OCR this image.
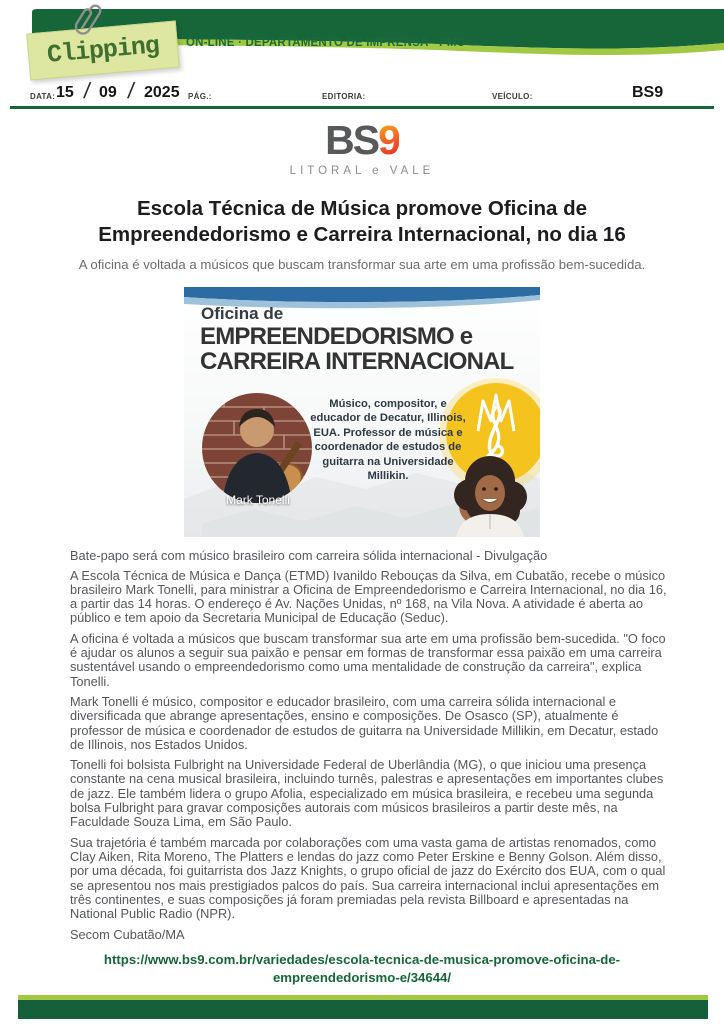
Clipping ON-LINE · DEPARTAMENTO DE IMPRENSA · PMC
DATA: 15 / 09 / 2025 PÁG.:	EDITORIA:	VEÍCULO:	BS9
BS9
LITORAL e VALE
Escola Técnica de Música promove Oficina de Empreendedorismo e Carreira Internacional, no dia 16
A oficina é voltada a músicos que buscam transformar sua arte em uma profissão bem-sucedida.
Oficina de
EMPREENDEDORISMO e
CARREIRA INTERNACIONAL
Mark Tonelli
Músico, compositor, e educador de Decatur, Illinois, EUA. Professor de música e coordenador de estudos de guitarra na Universidade Millikin.
Bate-papo será com músico brasileiro com carreira sólida internacional - Divulgação

A Escola Técnica de Música e Dança (ETMD) Ivanildo Rebouças da Silva, em Cubatão, recebe o músico brasileiro Mark Tonelli, para ministrar a Oficina de Empreendedorismo e Carreira Internacional, no dia 16, a partir das 14 horas. O endereço é Av. Nações Unidas, nº 168, na Vila Nova. A atividade é aberta ao público e tem apoio da Secretaria Municipal de Educação (Seduc).

A oficina é voltada a músicos que buscam transformar sua arte em uma profissão bem-sucedida. "O foco é ajudar os alunos a seguir sua paixão e pensar em formas de transformar essa paixão em uma carreira sustentável usando o empreendedorismo como uma mentalidade de construção da carreira", explica Tonelli.

Mark Tonelli é músico, compositor e educador brasileiro, com uma carreira sólida internacional e diversificada que abrange apresentações, ensino e composições. De Osasco (SP), atualmente é professor de música e coordenador de estudos de guitarra na Universidade Millikin, em Decatur, estado de Illinois, nos Estados Unidos.

Tonelli foi bolsista Fulbright na Universidade Federal de Uberlândia (MG), o que iniciou uma presença constante na cena musical brasileira, incluindo turnês, palestras e apresentações em importantes clubes de jazz. Ele também lidera o grupo Afolia, especializado em música brasileira, e recebeu uma segunda bolsa Fulbright para gravar composições autorais com músicos brasileiros a partir deste mês, na Faculdade Souza Lima, em São Paulo.

Sua trajetória é também marcada por colaborações com uma vasta gama de artistas renomados, como Clay Aiken, Rita Moreno, The Platters e lendas do jazz como Peter Erskine e Benny Golson. Além disso, por uma década, foi guitarrista dos Jazz Knights, o grupo oficial de jazz do Exército dos EUA, com o qual se apresentou nos mais prestigiados palcos do país. Sua carreira internacional inclui apresentações em três continentes, e suas composições já foram premiadas pela revista Billboard e apresentadas na National Public Radio (NPR).

Secom Cubatão/MA
https://www.bs9.com.br/variedades/escola-tecnica-de-musica-promove-oficina-de-empreendedorismo-e/34644/
